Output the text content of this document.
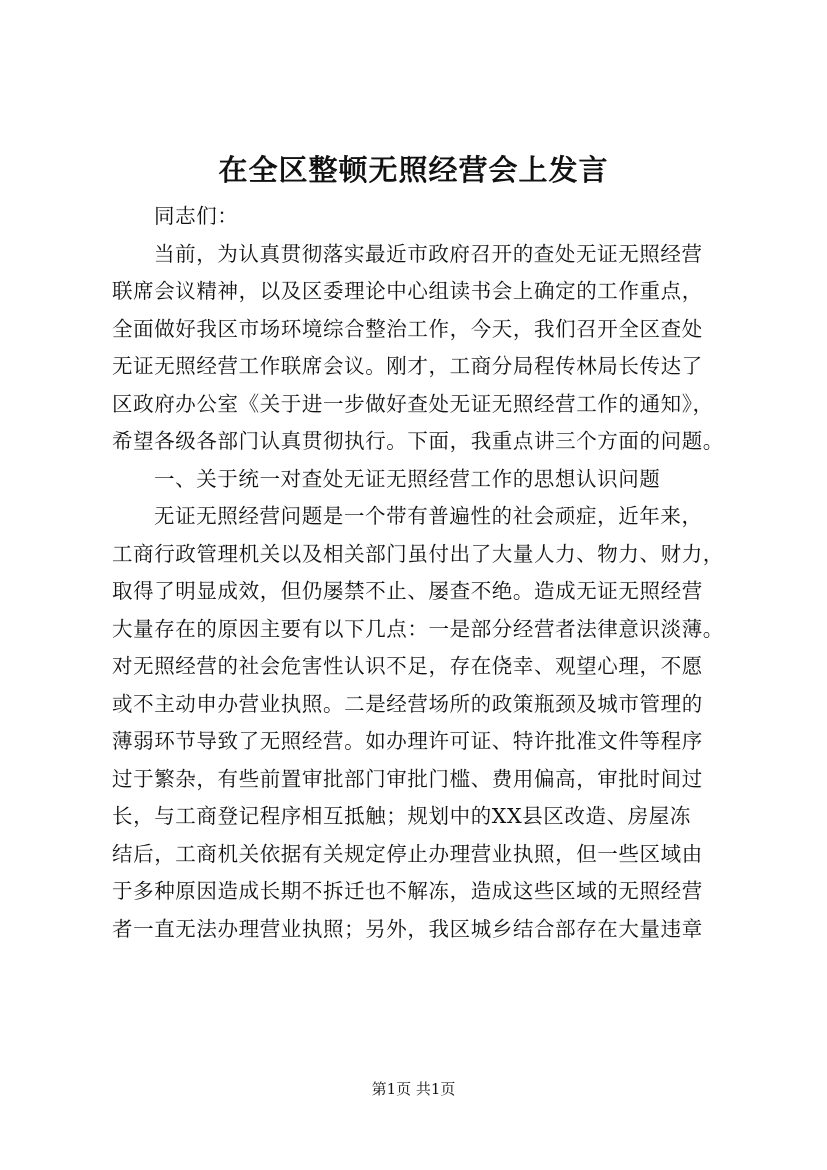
在全区整顿无照经营会上发言
同志们：
当前，为认真贯彻落实最近市政府召开的查处无证无照经营
联席会议精神，以及区委理论中心组读书会上确定的工作重点，
全面做好我区市场环境综合整治工作，今天，我们召开全区查处
无证无照经营工作联席会议。刚才，工商分局程传林局长传达了
区政府办公室《关于进一步做好查处无证无照经营工作的通知》，
希望各级各部门认真贯彻执行。下面，我重点讲三个方面的问题。
一、关于统一对查处无证无照经营工作的思想认识问题
无证无照经营问题是一个带有普遍性的社会顽症，近年来，
工商行政管理机关以及相关部门虽付出了大量人力、物力、财力，
取得了明显成效，但仍屡禁不止、屡查不绝。造成无证无照经营
大量存在的原因主要有以下几点：一是部分经营者法律意识淡薄。
对无照经营的社会危害性认识不足，存在侥幸、观望心理，不愿
或不主动申办营业执照。二是经营场所的政策瓶颈及城市管理的
薄弱环节导致了无照经营。如办理许可证、特许批准文件等程序
过于繁杂，有些前置审批部门审批门槛、费用偏高，审批时间过
长，与工商登记程序相互抵触；规划中的XX县区改造、房屋冻
结后，工商机关依据有关规定停止办理营业执照，但一些区域由
于多种原因造成长期不拆迁也不解冻，造成这些区域的无照经营
者一直无法办理营业执照；另外，我区城乡结合部存在大量违章
第1页 共1页
